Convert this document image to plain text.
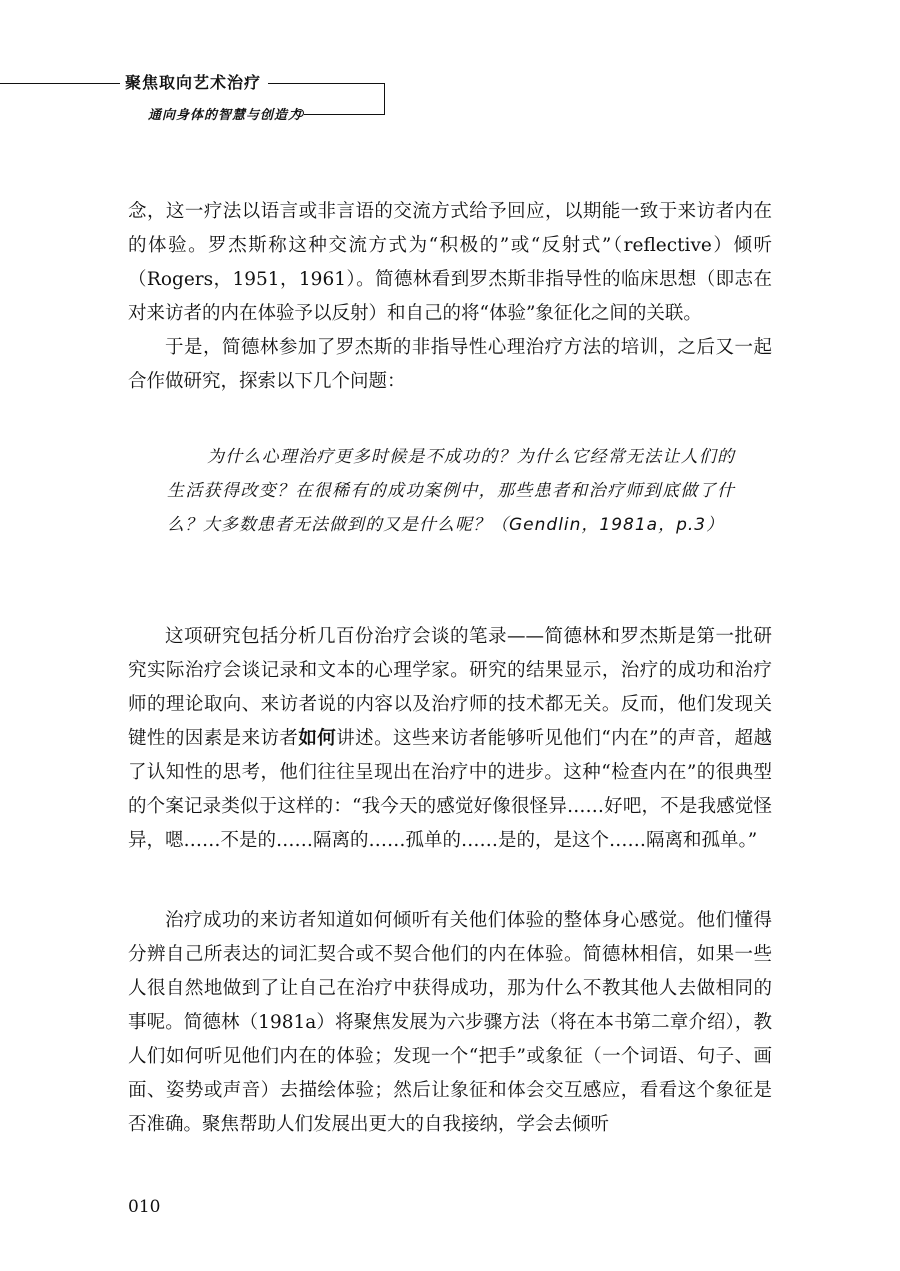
聚焦取向艺术治疗
通向身体的智慧与创造力

念，这一疗法以语言或非言语的交流方式给予回应，以期能一致于来访者内在的体验。罗杰斯称这种交流方式为“积极的”或“反射式”（reflective）倾听（Rogers，1951，1961）。简德林看到罗杰斯非指导性的临床思想（即志在对来访者的内在体验予以反射）和自己的将“体验”象征化之间的关联。

于是，简德林参加了罗杰斯的非指导性心理治疗方法的培训，之后又一起合作做研究，探索以下几个问题：

为什么心理治疗更多时候是不成功的？为什么它经常无法让人们的生活获得改变？在很稀有的成功案例中，那些患者和治疗师到底做了什么？大多数患者无法做到的又是什么呢？（Gendlin，1981a，p.3）

这项研究包括分析几百份治疗会谈的笔录——简德林和罗杰斯是第一批研究实际治疗会谈记录和文本的心理学家。研究的结果显示，治疗的成功和治疗师的理论取向、来访者说的内容以及治疗师的技术都无关。反而，他们发现关键性的因素是来访者如何讲述。这些来访者能够听见他们“内在”的声音，超越了认知性的思考，他们往往呈现出在治疗中的进步。这种“检查内在”的很典型的个案记录类似于这样的：“我今天的感觉好像很怪异……好吧，不是我感觉怪异，嗯……不是的……隔离的……孤单的……是的，是这个……隔离和孤单。”

治疗成功的来访者知道如何倾听有关他们体验的整体身心感觉。他们懂得分辨自己所表达的词汇契合或不契合他们的内在体验。简德林相信，如果一些人很自然地做到了让自己在治疗中获得成功，那为什么不教其他人去做相同的事呢。简德林（1981a）将聚焦发展为六步骤方法（将在本书第二章介绍），教人们如何听见他们内在的体验；发现一个“把手”或象征（一个词语、句子、画面、姿势或声音）去描绘体验；然后让象征和体会交互感应，看看这个象征是否准确。聚焦帮助人们发展出更大的自我接纳，学会去倾听

010
